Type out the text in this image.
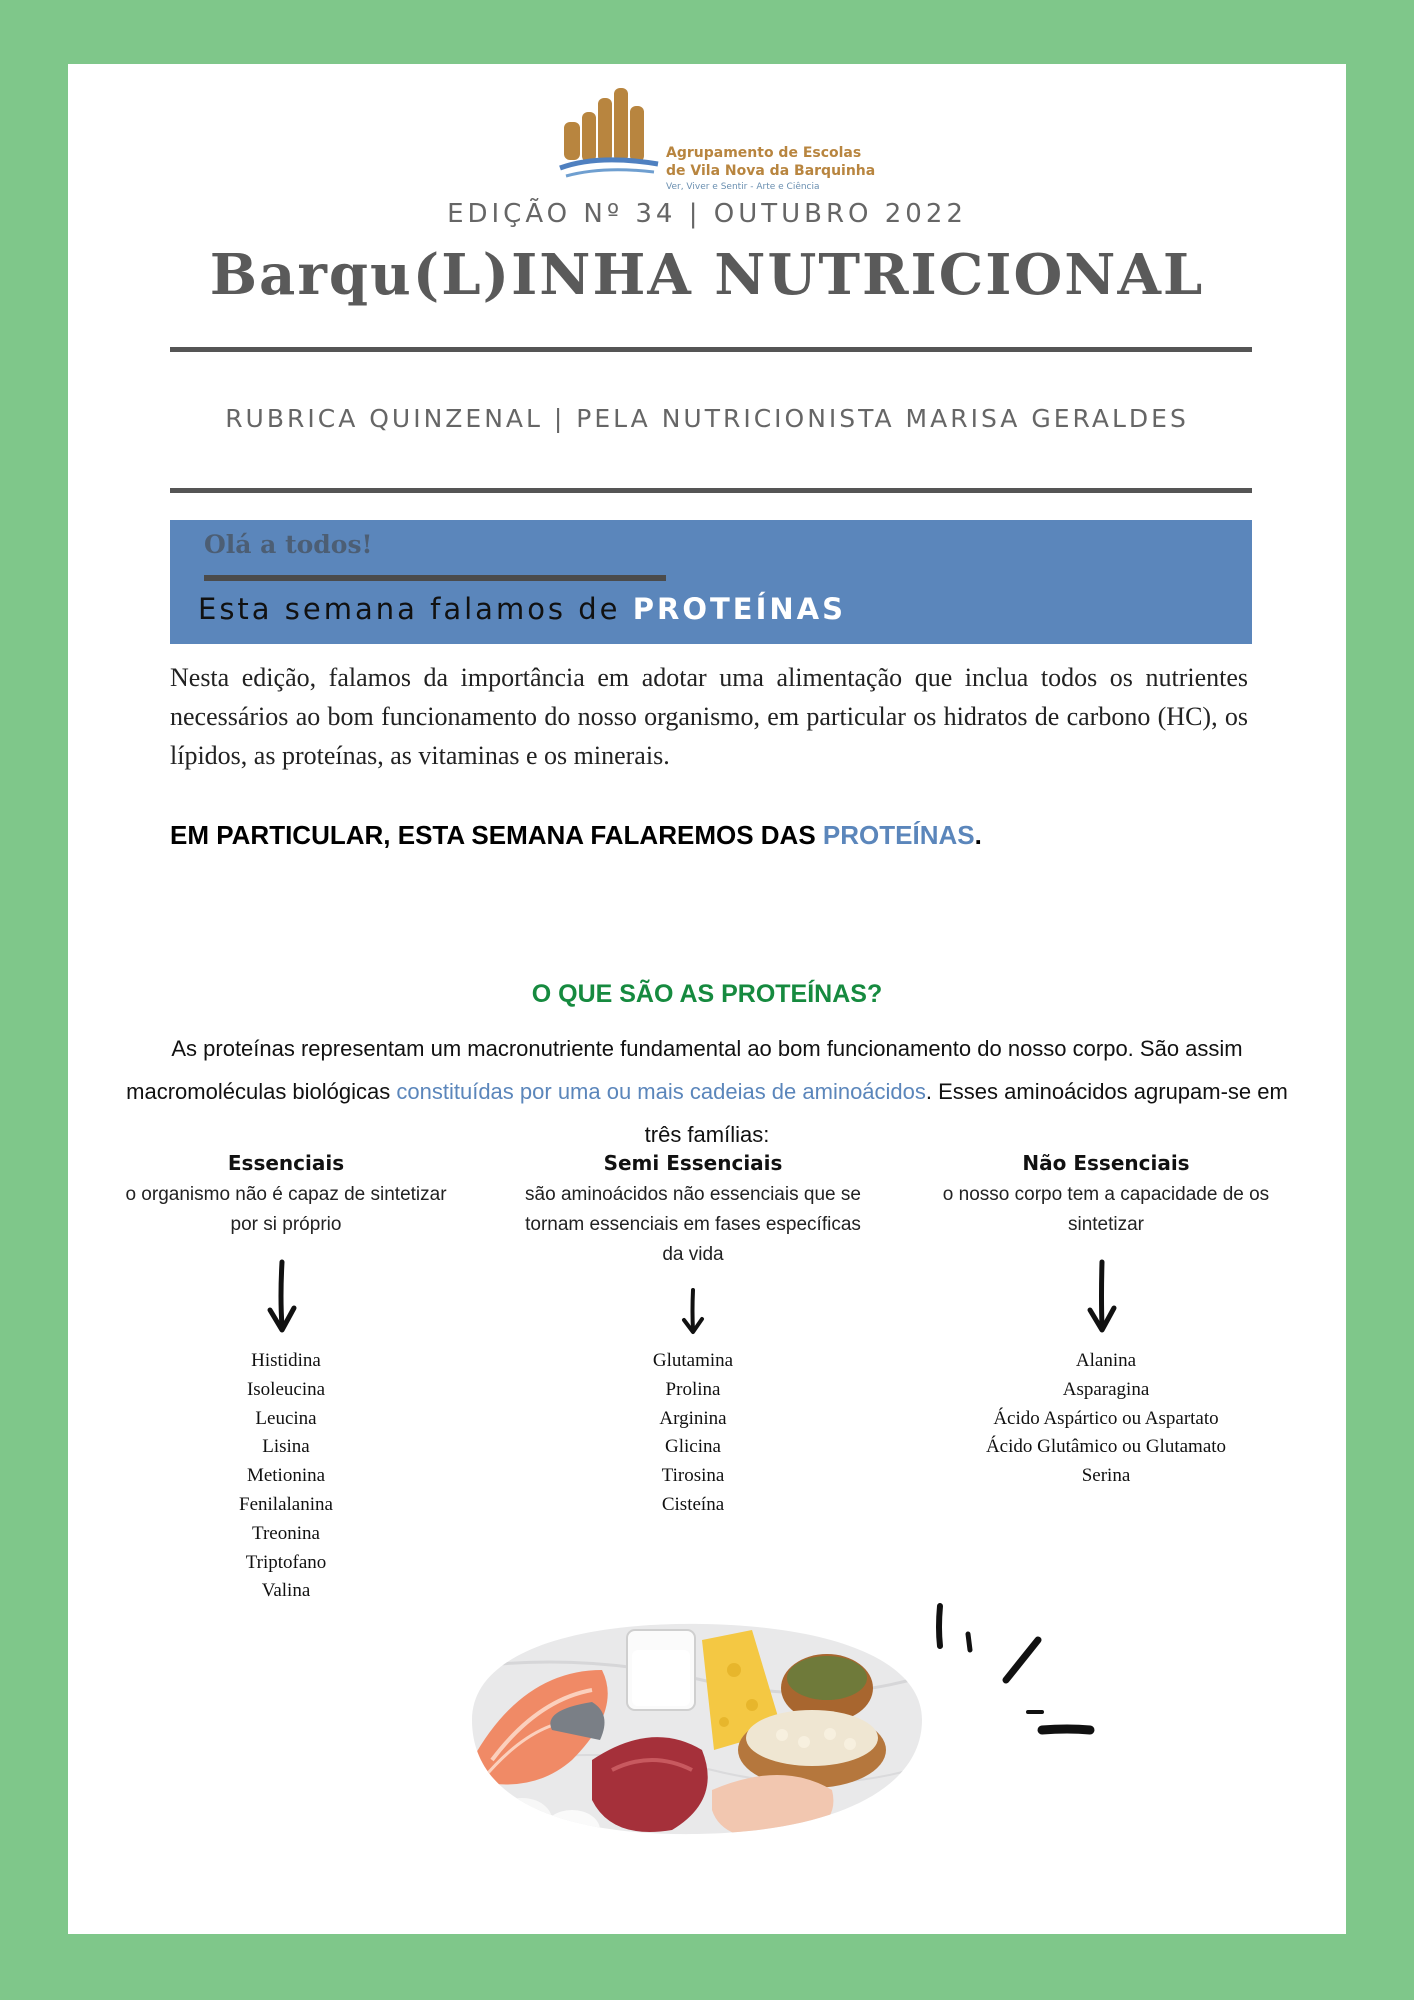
Agrupamento de Escolas
de Vila Nova da Barquinha
Ver, Viver e Sentir - Arte e Ciência
EDIÇÃO Nº 34 | OUTUBRO 2022
Barqu(L)INHA NUTRICIONAL
RUBRICA QUINZENAL | PELA NUTRICIONISTA MARISA GERALDES
Olá a todos!
Esta semana falamos de PROTEÍNAS
Nesta edição, falamos da importância em adotar uma alimentação que inclua todos os nutrientes necessários ao bom funcionamento do nosso organismo, em particular os hidratos de carbono (HC), os lípidos, as proteínas, as vitaminas e os minerais.
EM PARTICULAR, ESTA SEMANA FALAREMOS DAS PROTEÍNAS.
O QUE SÃO AS PROTEÍNAS?
As proteínas representam um macronutriente fundamental ao bom funcionamento do nosso corpo. São assim macromoléculas biológicas constituídas por uma ou mais cadeias de aminoácidos. Esses aminoácidos agrupam-se em três famílias:
Essenciais
o organismo não é capaz de sintetizar por si próprio
Semi Essenciais
são aminoácidos não essenciais que se tornam essenciais em fases específicas da vida
Não Essenciais
o nosso corpo tem a capacidade de os sintetizar
Histidina
Isoleucina
Leucina
Lisina
Metionina
Fenilalanina
Treonina
Triptofano
Valina
Glutamina
Prolina
Arginina
Glicina
Tirosina
Cisteína
Alanina
Asparagina
Ácido Aspártico ou Aspartato
Ácido Glutâmico ou Glutamato
Serina
